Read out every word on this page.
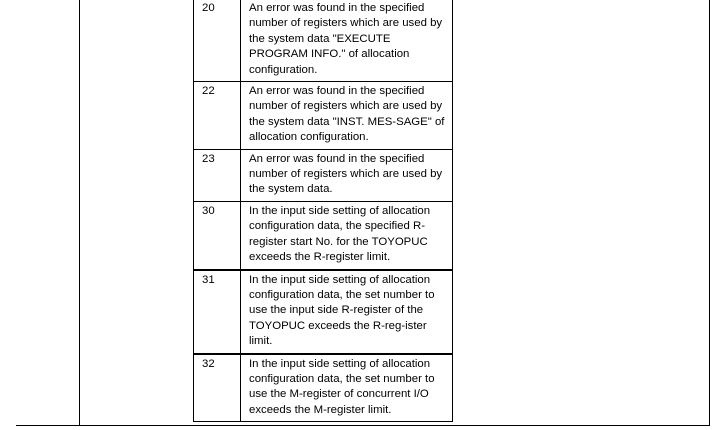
20	An error was found in the specified number of registers which are used by the system data "EXECUTE PROGRAM INFO." of allocation configuration.
22	An error was found in the specified number of registers which are used by the system data "INST. MES-SAGE" of allocation configuration.
23	An error was found in the specified number of registers which are used by the system data.
30	In the input side setting of allocation configuration data, the specified R-register start No. for the TOYOPUC exceeds the R-register limit.
31	In the input side setting of allocation configuration data, the set number to use the input side R-register of the TOYOPUC exceeds the R-reg-ister limit.
32	In the input side setting of allocation configuration data, the set number to use the M-register of concurrent I/O exceeds the M-register limit.
